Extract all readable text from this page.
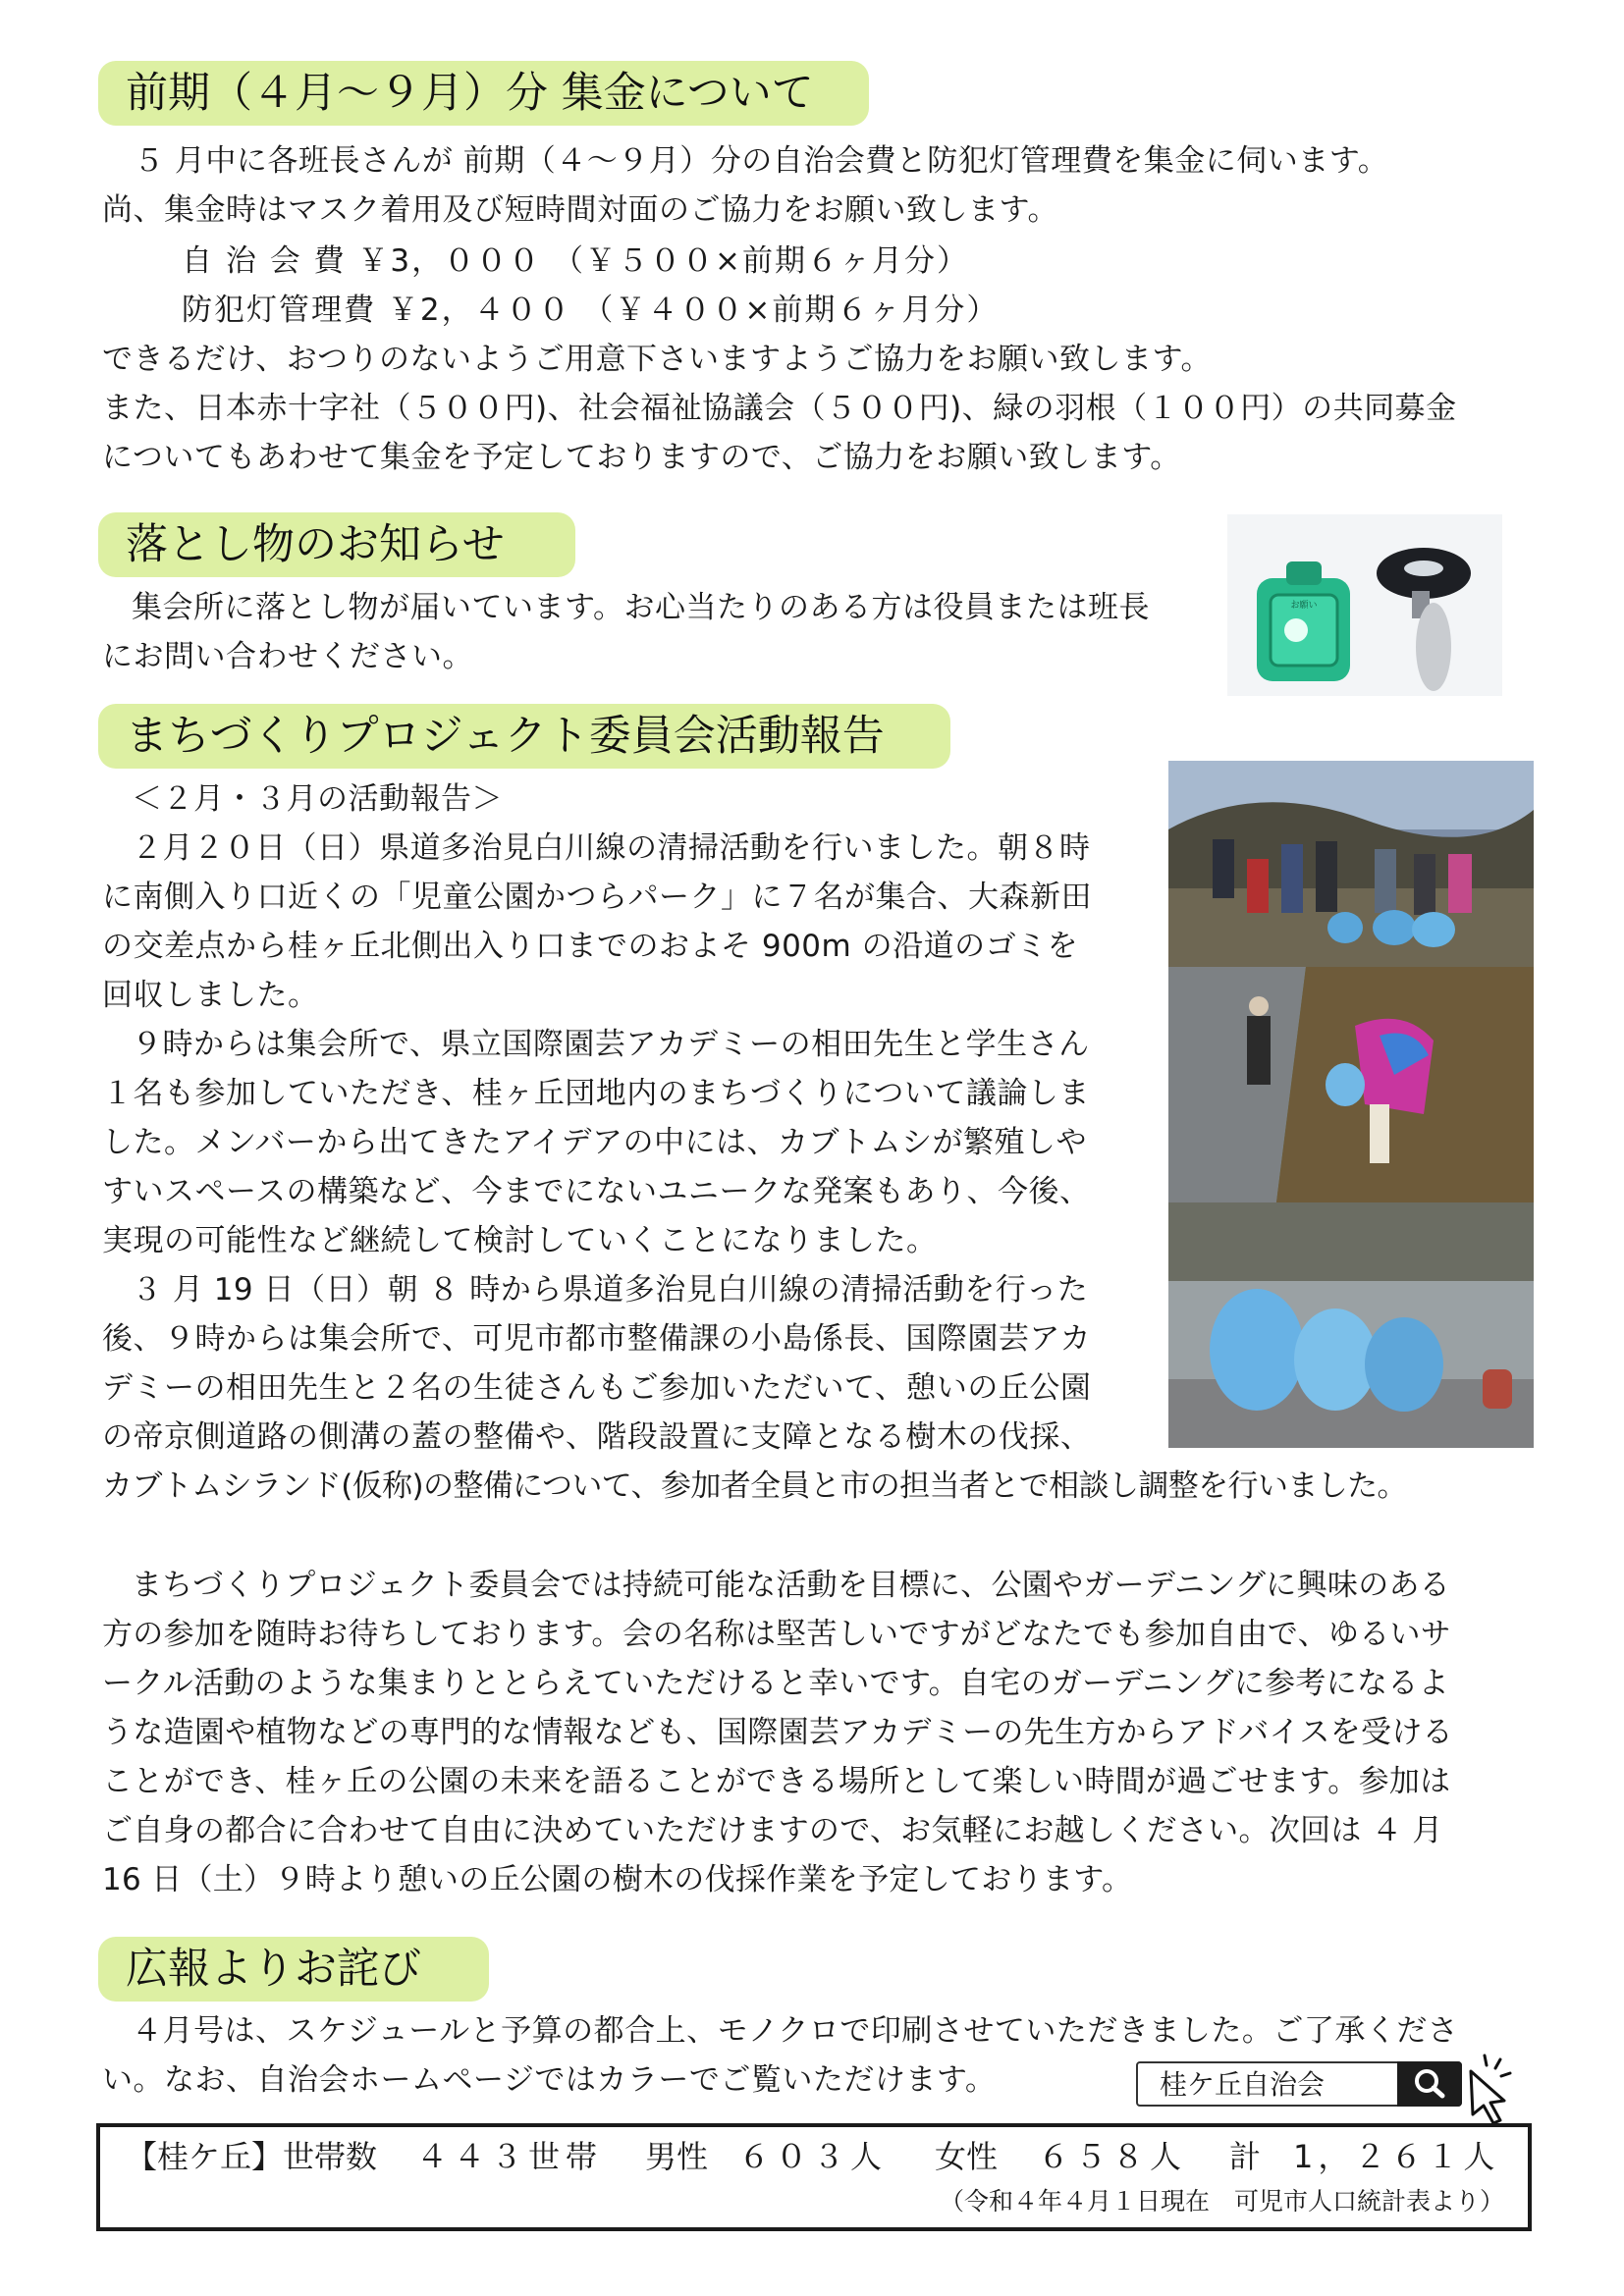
前期（４月～９月）分 集金について
５ 月中に各班長さんが 前期（４～９月）分の自治会費と防犯灯管理費を集金に伺います。
尚、集金時はマスク着用及び短時間対面のご協力をお願い致します。
自 治 会 費 ￥3，０００ （￥５００×前期６ヶ月分）
防犯灯管理費 ￥2，４００ （￥４００×前期６ヶ月分）
できるだけ、おつりのないようご用意下さいますようご協力をお願い致します。
また、日本赤十字社（５００円)、社会福祉協議会（５００円)、緑の羽根（１００円）の共同募金
についてもあわせて集金を予定しておりますので、ご協力をお願い致します。
落とし物のお知らせ
集会所に落とし物が届いています。お心当たりのある方は役員または班長
にお問い合わせください。
お願い
まちづくりプロジェクト委員会活動報告
＜２月・３月の活動報告＞
２月２０日（日）県道多治見白川線の清掃活動を行いました。朝８時
に南側入り口近くの「児童公園かつらパーク」に７名が集合、大森新田
の交差点から桂ヶ丘北側出入り口までのおよそ 900m の沿道のゴミを
回収しました。
９時からは集会所で、県立国際園芸アカデミーの相田先生と学生さん
１名も参加していただき、桂ヶ丘団地内のまちづくりについて議論しま
した。メンバーから出てきたアイデアの中には、カブトムシが繁殖しや
すいスペースの構築など、今までにないユニークな発案もあり、今後、
実現の可能性など継続して検討していくことになりました。
３ 月 19 日（日）朝 ８ 時から県道多治見白川線の清掃活動を行った
後、９時からは集会所で、可児市都市整備課の小島係長、国際園芸アカ
デミーの相田先生と２名の生徒さんもご参加いただいて、憩いの丘公園
の帝京側道路の側溝の蓋の整備や、階段設置に支障となる樹木の伐採、
カブトムシランド(仮称)の整備について、参加者全員と市の担当者とで相談し調整を行いました。
まちづくりプロジェクト委員会では持続可能な活動を目標に、公園やガーデニングに興味のある
方の参加を随時お待ちしております。会の名称は堅苦しいですがどなたでも参加自由で、ゆるいサ
ークル活動のような集まりととらえていただけると幸いです。自宅のガーデニングに参考になるよ
うな造園や植物などの専門的な情報なども、国際園芸アカデミーの先生方からアドバイスを受ける
ことができ、桂ヶ丘の公園の未来を語ることができる場所として楽しい時間が過ごせます。参加は
ご自身の都合に合わせて自由に決めていただけますので、お気軽にお越しください。次回は ４ 月
16 日（土）９時より憩いの丘公園の樹木の伐採作業を予定しております。
広報よりお詫び
４月号は、スケジュールと予算の都合上、モノクロで印刷させていただきました。ご了承くださ
い。なお、自治会ホームページではカラーでご覧いただけます。	桂ケ丘自治会
【桂ケ丘】世帯数 ４４３世帯 男性 ６０３人 女性 ６５８人 計 1，２６１人
（令和４年４月１日現在　可児市人口統計表より）
